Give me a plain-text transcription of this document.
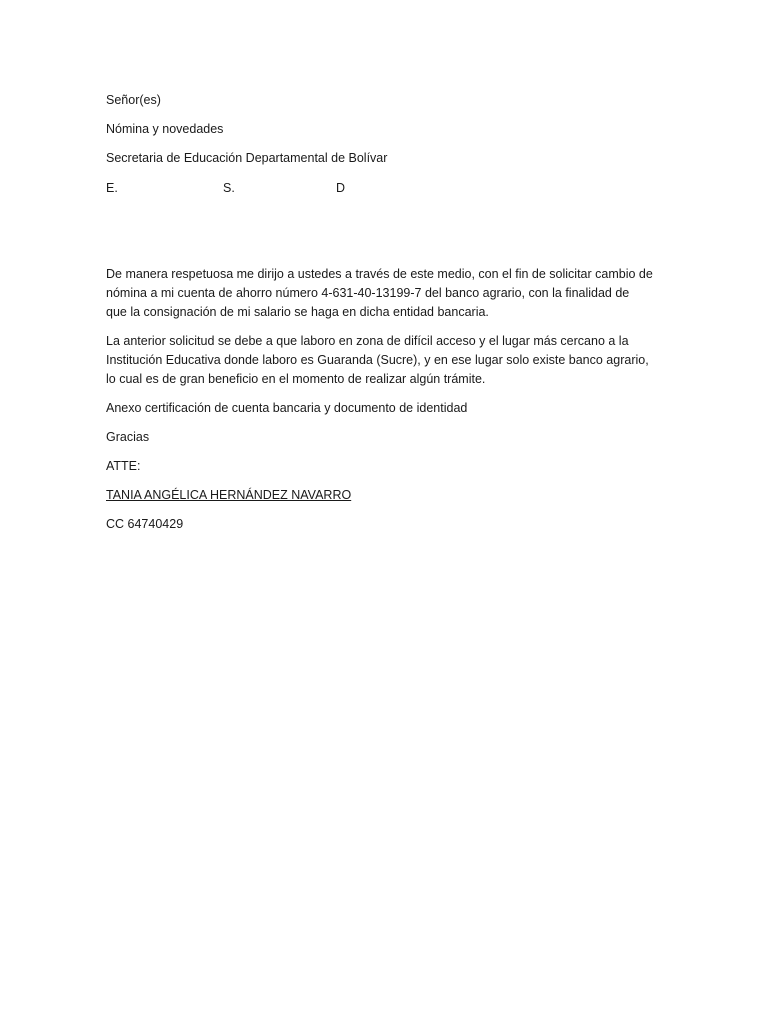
Señor(es)
Nómina y novedades
Secretaria de Educación Departamental de Bolívar
E.	S.	D
De manera respetuosa me dirijo a ustedes a través de este medio, con el fin de solicitar cambio de
nómina a mi cuenta de ahorro número 4-631-40-13199-7 del banco agrario, con la finalidad de
que la consignación de mi salario se haga en dicha entidad bancaria.
La anterior solicitud se debe a que laboro en zona de difícil acceso y el lugar más cercano a la
Institución Educativa donde laboro es Guaranda (Sucre), y en ese lugar solo existe banco agrario,
lo cual es de gran beneficio en el momento de realizar algún trámite.
Anexo certificación de cuenta bancaria y documento de identidad
Gracias
ATTE:
TANIA ANGÉLICA HERNÁNDEZ NAVARRO
CC 64740429
